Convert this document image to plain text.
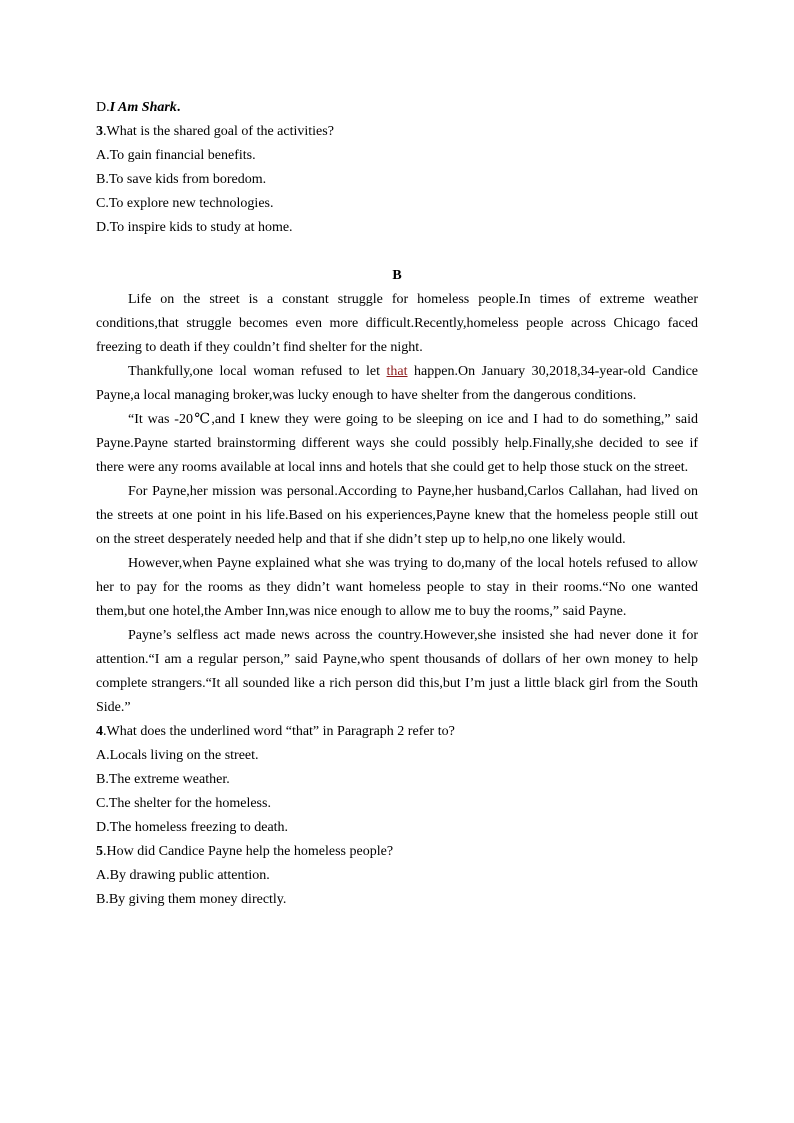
D.I Am Shark.
3.What is the shared goal of the activities?
A.To gain financial benefits.
B.To save kids from boredom.
C.To explore new technologies.
D.To inspire kids to study at home.
B
Life on the street is a constant struggle for homeless people.In times of extreme weather conditions,that struggle becomes even more difficult.Recently,homeless people across Chicago faced freezing to death if they couldn’t find shelter for the night.
Thankfully,one local woman refused to let that happen.On January 30,2018,34-year-old Candice Payne,a local managing broker,was lucky enough to have shelter from the dangerous conditions.
“It was -20℃,and I knew they were going to be sleeping on ice and I had to do something,” said Payne.Payne started brainstorming different ways she could possibly help.Finally,she decided to see if there were any rooms available at local inns and hotels that she could get to help those stuck on the street.
For Payne,her mission was personal.According to Payne,her husband,Carlos Callahan, had lived on the streets at one point in his life.Based on his experiences,Payne knew that the homeless people still out on the street desperately needed help and that if she didn’t step up to help,no one likely would.
However,when Payne explained what she was trying to do,many of the local hotels refused to allow her to pay for the rooms as they didn’t want homeless people to stay in their rooms.“No one wanted them,but one hotel,the Amber Inn,was nice enough to allow me to buy the rooms,” said Payne.
Payne’s selfless act made news across the country.However,she insisted she had never done it for attention.“I am a regular person,” said Payne,who spent thousands of dollars of her own money to help complete strangers.“It all sounded like a rich person did this,but I’m just a little black girl from the South Side.”
4.What does the underlined word “that” in Paragraph 2 refer to?
A.Locals living on the street.
B.The extreme weather.
C.The shelter for the homeless.
D.The homeless freezing to death.
5.How did Candice Payne help the homeless people?
A.By drawing public attention.
B.By giving them money directly.
